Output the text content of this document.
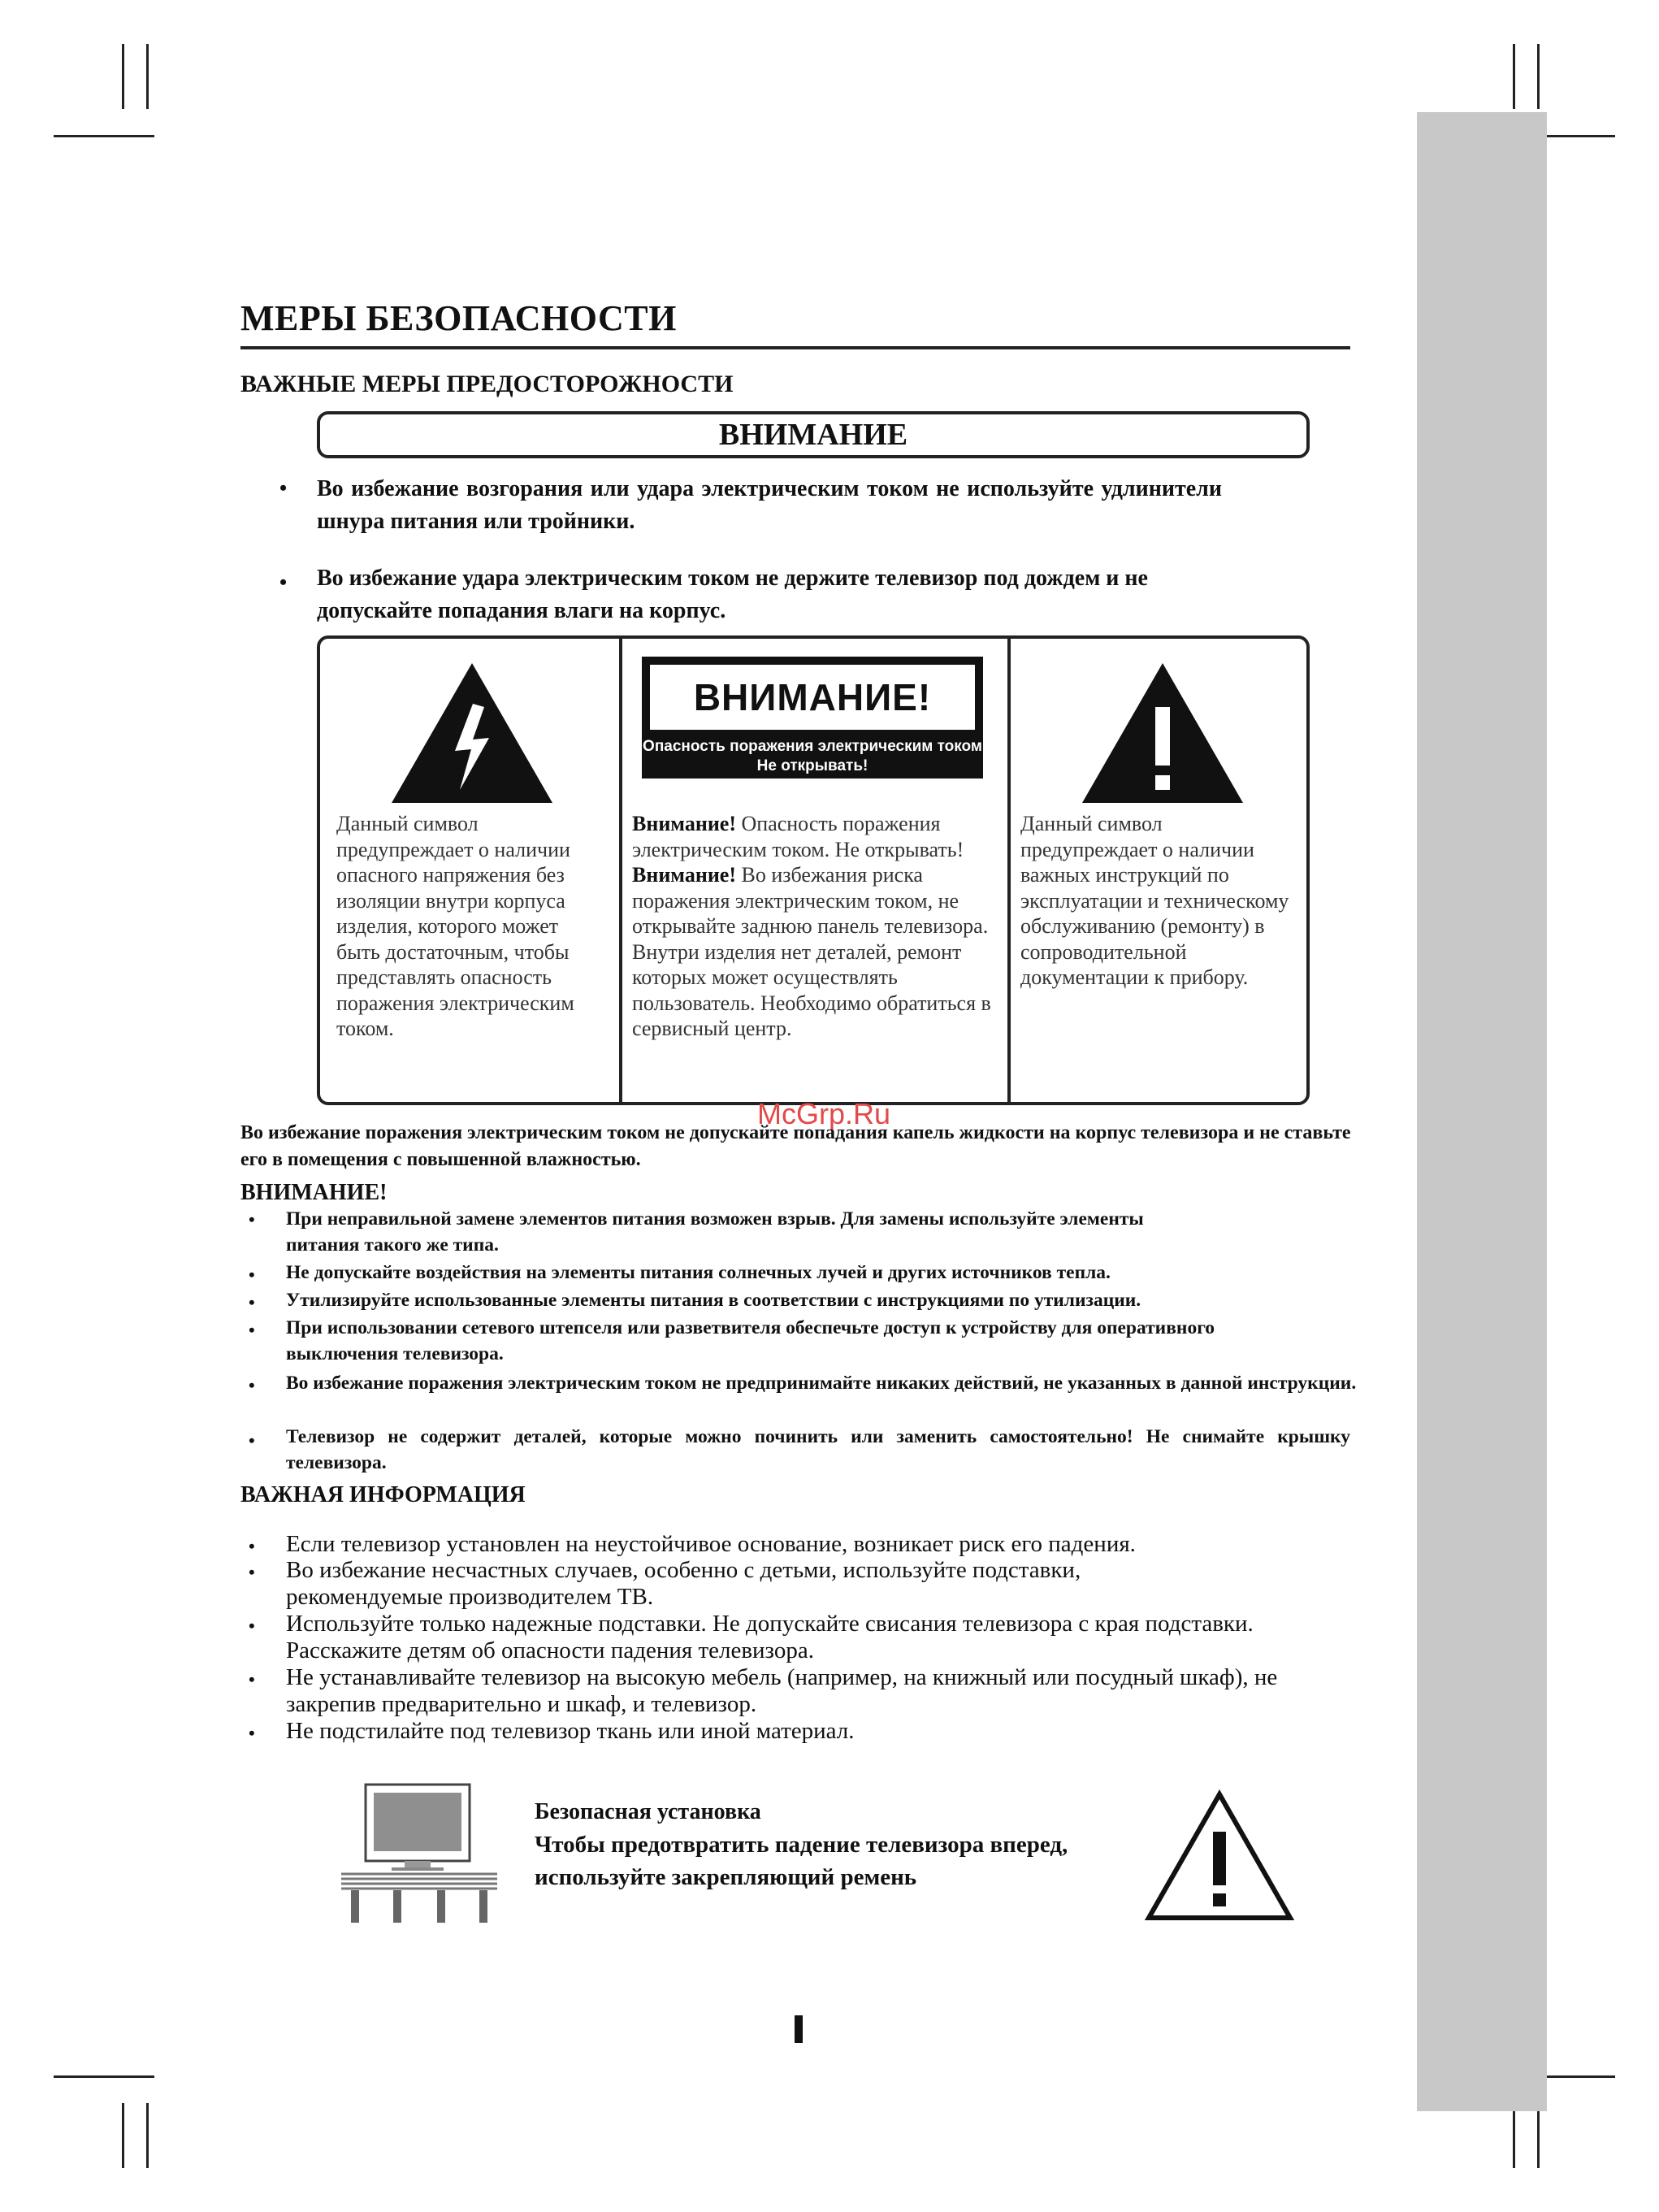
МЕРЫ БЕЗОПАСНОСТИ
ВАЖНЫЕ МЕРЫ ПРЕДОСТОРОЖНОСТИ
ВНИМАНИЕ
• Во избежание возгорания или удара электрическим током не используйте удлинители шнура питания или тройники.
• Во избежание удара электрическим током не держите телевизор под дождем и не допускайте попадания влаги на корпус.
Данный символ предупреждает о наличии опасного напряжения без изоляции внутри корпуса изделия, которого может быть достаточным, чтобы представлять опасность поражения электрическим током.
Внимание! Опасность поражения электрическим током. Не открывать!
Внимание! Во избежания риска поражения электрическим током, не открывайте заднюю панель телевизора. Внутри изделия нет деталей, ремонт которых может осуществлять пользователь. Необходимо обратиться в сервисный центр.
Данный символ предупреждает о наличии важных инструкций по эксплуатации и техническому обслуживанию (ремонту) в сопроводительной документации к прибору.
ВНИМАНИЕ!
Опасность поражения электрическим током
Не открывать!
McGrp.Ru
Во избежание поражения электрическим током не допускайте попадания капель жидкости на корпус телевизора и не ставьте его в помещения с повышенной влажностью.
ВНИМАНИЕ!
• При неправильной замене элементов питания возможен взрыв. Для замены используйте элементы питания такого же типа.
• Не допускайте воздействия на элементы питания солнечных лучей и других источников тепла.
• Утилизируйте использованные элементы питания в соответствии с инструкциями по утилизации.
• При использовании сетевого штепселя или разветвителя обеспечьте доступ к устройству для оперативного выключения телевизора.
• Во избежание поражения электрическим током не предпринимайте никаких действий, не указанных в данной инструкции.
• Телевизор не содержит деталей, которые можно починить или заменить самостоятельно! Не снимайте крышку телевизора.
ВАЖНАЯ ИНФОРМАЦИЯ
• Если телевизор установлен на неустойчивое основание, возникает риск его падения.
• Во избежание несчастных случаев, особенно с детьми, используйте подставки, рекомендуемые производителем ТВ.
• Используйте только надежные подставки. Не допускайте свисания телевизора с края подставки. Расскажите детям об опасности падения телевизора.
• Не устанавливайте телевизор на высокую мебель (например, на книжный или посудный шкаф), не закрепив предварительно и шкаф, и телевизор.
• Не подстилайте под телевизор ткань или иной материал.
Безопасная установка
Чтобы предотвратить падение телевизора вперед,
используйте закрепляющий ремень
